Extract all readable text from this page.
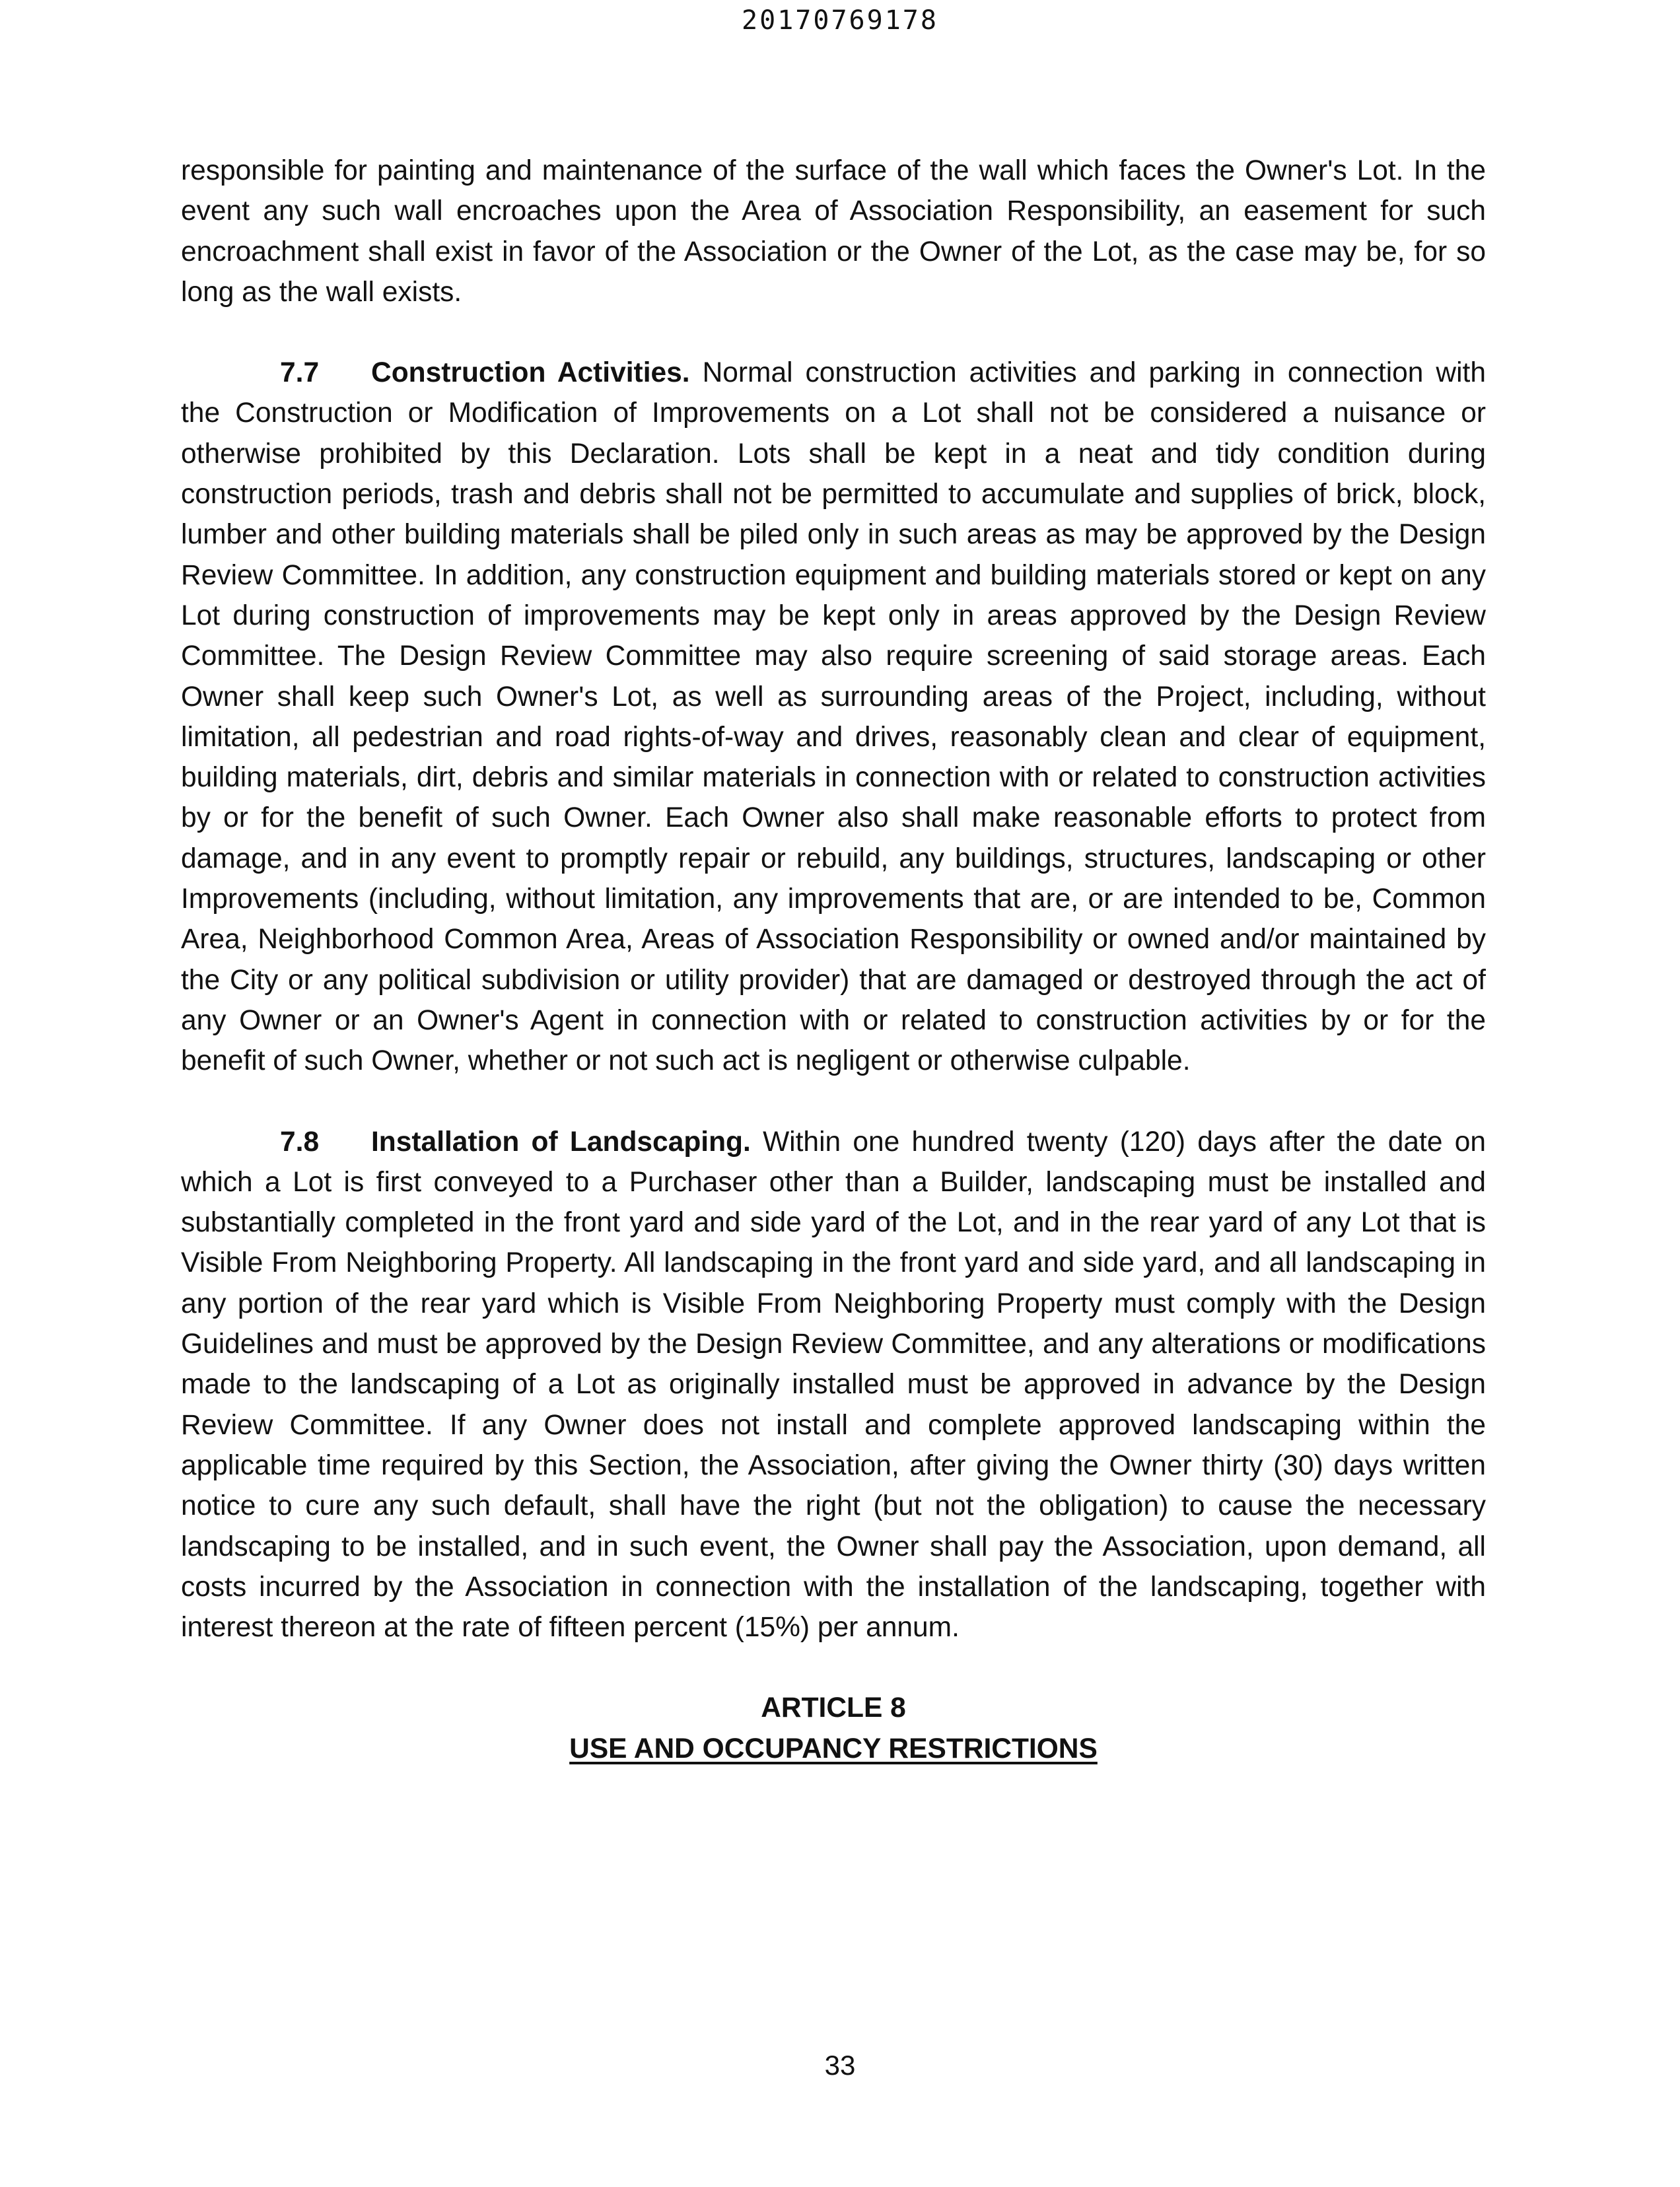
20170769178

responsible for painting and maintenance of the surface of the wall which faces the Owner's Lot. In the event any such wall encroaches upon the Area of Association Responsibility, an easement for such encroachment shall exist in favor of the Association or the Owner of the Lot, as the case may be, for so long as the wall exists.

7.7 Construction Activities. Normal construction activities and parking in connection with the Construction or Modification of Improvements on a Lot shall not be considered a nuisance or otherwise prohibited by this Declaration. Lots shall be kept in a neat and tidy condition during construction periods, trash and debris shall not be permitted to accumulate and supplies of brick, block, lumber and other building materials shall be piled only in such areas as may be approved by the Design Review Committee. In addition, any construction equipment and building materials stored or kept on any Lot during construction of improvements may be kept only in areas approved by the Design Review Committee. The Design Review Committee may also require screening of said storage areas. Each Owner shall keep such Owner's Lot, as well as surrounding areas of the Project, including, without limitation, all pedestrian and road rights-of-way and drives, reasonably clean and clear of equipment, building materials, dirt, debris and similar materials in connection with or related to construction activities by or for the benefit of such Owner. Each Owner also shall make reasonable efforts to protect from damage, and in any event to promptly repair or rebuild, any buildings, structures, landscaping or other Improvements (including, without limitation, any improvements that are, or are intended to be, Common Area, Neighborhood Common Area, Areas of Association Responsibility or owned and/or maintained by the City or any political subdivision or utility provider) that are damaged or destroyed through the act of any Owner or an Owner's Agent in connection with or related to construction activities by or for the benefit of such Owner, whether or not such act is negligent or otherwise culpable.

7.8 Installation of Landscaping. Within one hundred twenty (120) days after the date on which a Lot is first conveyed to a Purchaser other than a Builder, landscaping must be installed and substantially completed in the front yard and side yard of the Lot, and in the rear yard of any Lot that is Visible From Neighboring Property. All landscaping in the front yard and side yard, and all landscaping in any portion of the rear yard which is Visible From Neighboring Property must comply with the Design Guidelines and must be approved by the Design Review Committee, and any alterations or modifications made to the landscaping of a Lot as originally installed must be approved in advance by the Design Review Committee. If any Owner does not install and complete approved landscaping within the applicable time required by this Section, the Association, after giving the Owner thirty (30) days written notice to cure any such default, shall have the right (but not the obligation) to cause the necessary landscaping to be installed, and in such event, the Owner shall pay the Association, upon demand, all costs incurred by the Association in connection with the installation of the landscaping, together with interest thereon at the rate of fifteen percent (15%) per annum.

ARTICLE 8
USE AND OCCUPANCY RESTRICTIONS
33
